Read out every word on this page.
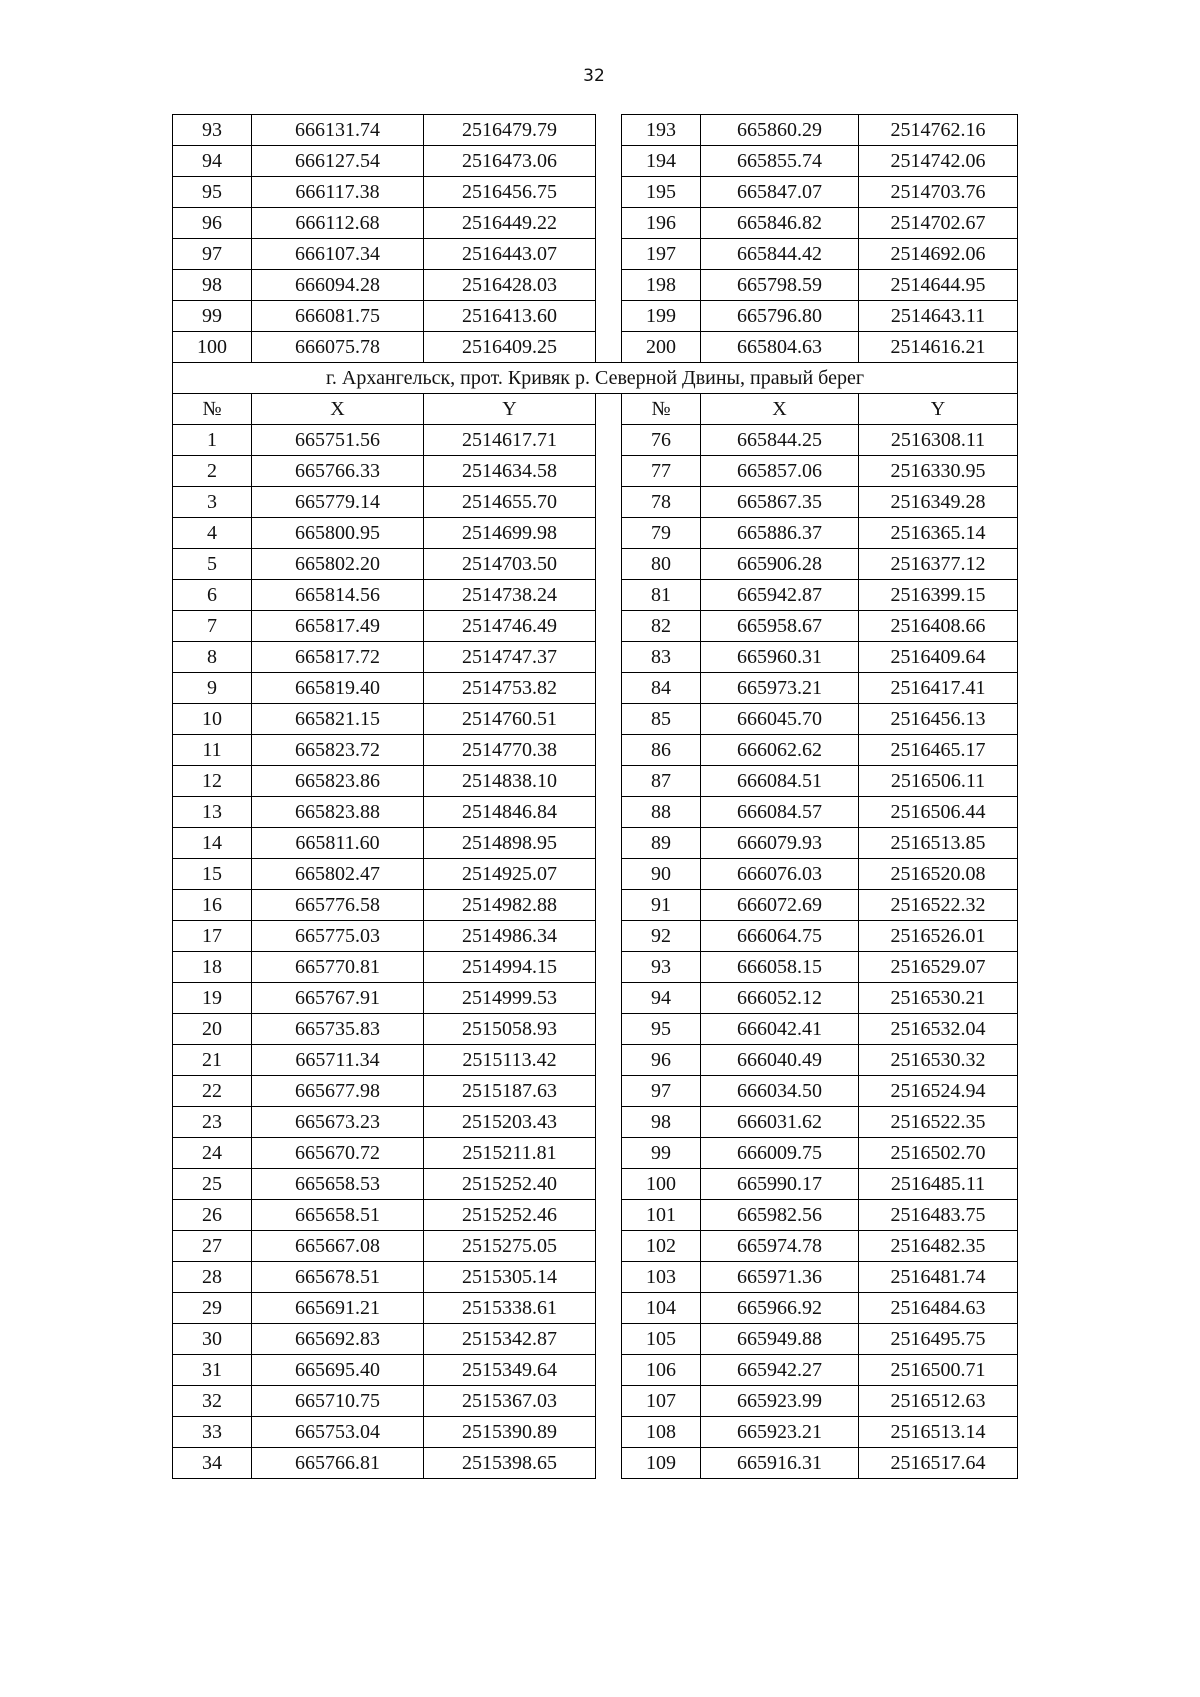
32
93	666131.74	2516479.79		193	665860.29	2514762.16
94	666127.54	2516473.06		194	665855.74	2514742.06
95	666117.38	2516456.75		195	665847.07	2514703.76
96	666112.68	2516449.22		196	665846.82	2514702.67
97	666107.34	2516443.07		197	665844.42	2514692.06
98	666094.28	2516428.03		198	665798.59	2514644.95
99	666081.75	2516413.60		199	665796.80	2514643.11
100	666075.78	2516409.25		200	665804.63	2514616.21
г. Архангельск, прот. Кривяк р. Северной Двины, правый берег						
№	X	Y		№	X	Y
1	665751.56	2514617.71		76	665844.25	2516308.11
2	665766.33	2514634.58		77	665857.06	2516330.95
3	665779.14	2514655.70		78	665867.35	2516349.28
4	665800.95	2514699.98		79	665886.37	2516365.14
5	665802.20	2514703.50		80	665906.28	2516377.12
6	665814.56	2514738.24		81	665942.87	2516399.15
7	665817.49	2514746.49		82	665958.67	2516408.66
8	665817.72	2514747.37		83	665960.31	2516409.64
9	665819.40	2514753.82		84	665973.21	2516417.41
10	665821.15	2514760.51		85	666045.70	2516456.13
11	665823.72	2514770.38		86	666062.62	2516465.17
12	665823.86	2514838.10		87	666084.51	2516506.11
13	665823.88	2514846.84		88	666084.57	2516506.44
14	665811.60	2514898.95		89	666079.93	2516513.85
15	665802.47	2514925.07		90	666076.03	2516520.08
16	665776.58	2514982.88		91	666072.69	2516522.32
17	665775.03	2514986.34		92	666064.75	2516526.01
18	665770.81	2514994.15		93	666058.15	2516529.07
19	665767.91	2514999.53		94	666052.12	2516530.21
20	665735.83	2515058.93		95	666042.41	2516532.04
21	665711.34	2515113.42		96	666040.49	2516530.32
22	665677.98	2515187.63		97	666034.50	2516524.94
23	665673.23	2515203.43		98	666031.62	2516522.35
24	665670.72	2515211.81		99	666009.75	2516502.70
25	665658.53	2515252.40		100	665990.17	2516485.11
26	665658.51	2515252.46		101	665982.56	2516483.75
27	665667.08	2515275.05		102	665974.78	2516482.35
28	665678.51	2515305.14		103	665971.36	2516481.74
29	665691.21	2515338.61		104	665966.92	2516484.63
30	665692.83	2515342.87		105	665949.88	2516495.75
31	665695.40	2515349.64		106	665942.27	2516500.71
32	665710.75	2515367.03		107	665923.99	2516512.63
33	665753.04	2515390.89		108	665923.21	2516513.14
34	665766.81	2515398.65		109	665916.31	2516517.64
